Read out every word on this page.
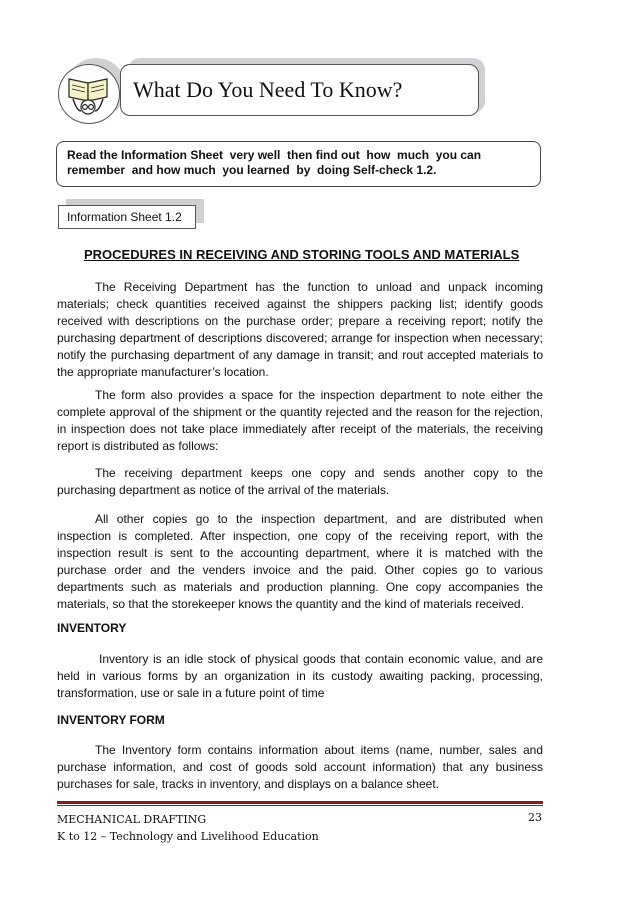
What Do You Need To Know?
Read the Information Sheet  very well  then find out  how  much  you can
remember  and how much  you learned  by  doing Self-check 1.2.
Information Sheet 1.2
PROCEDURES IN RECEIVING AND STORING TOOLS AND MATERIALS

The Receiving Department has the function to unload and unpack incoming materials; check quantities received against the shippers packing list; identify goods received with descriptions on the purchase order; prepare a receiving report; notify the purchasing department of descriptions discovered; arrange for inspection when necessary; notify the purchasing department of any damage in transit; and rout accepted materials to the appropriate manufacturer’s location.

The form also provides a space for the inspection department to note either the complete approval of the shipment or the quantity rejected and the reason for the rejection, in inspection does not take place immediately after receipt of the materials, the receiving report is distributed as follows:

The receiving department keeps one copy and sends another copy to the purchasing department as notice of the arrival of the materials.

All other copies go to the inspection department, and are distributed when inspection is completed. After inspection, one copy of the receiving report, with the inspection result is sent to the accounting department, where it is matched with the purchase order and the venders invoice and the paid. Other copies go to various departments such as materials and production planning. One copy accompanies the materials, so that the storekeeper knows the quantity and the kind of materials received.

INVENTORY

Inventory is an idle stock of physical goods that contain economic value, and are held in various forms by an organization in its custody awaiting packing, processing, transformation, use or sale in a future point of time

INVENTORY FORM

The Inventory form contains information about items (name, number, sales and purchase information, and cost of goods sold account information) that any business purchases for sale, tracks in inventory, and displays on a balance sheet.

MECHANICAL DRAFTING
K to 12 – Technology and Livelihood Education
23
